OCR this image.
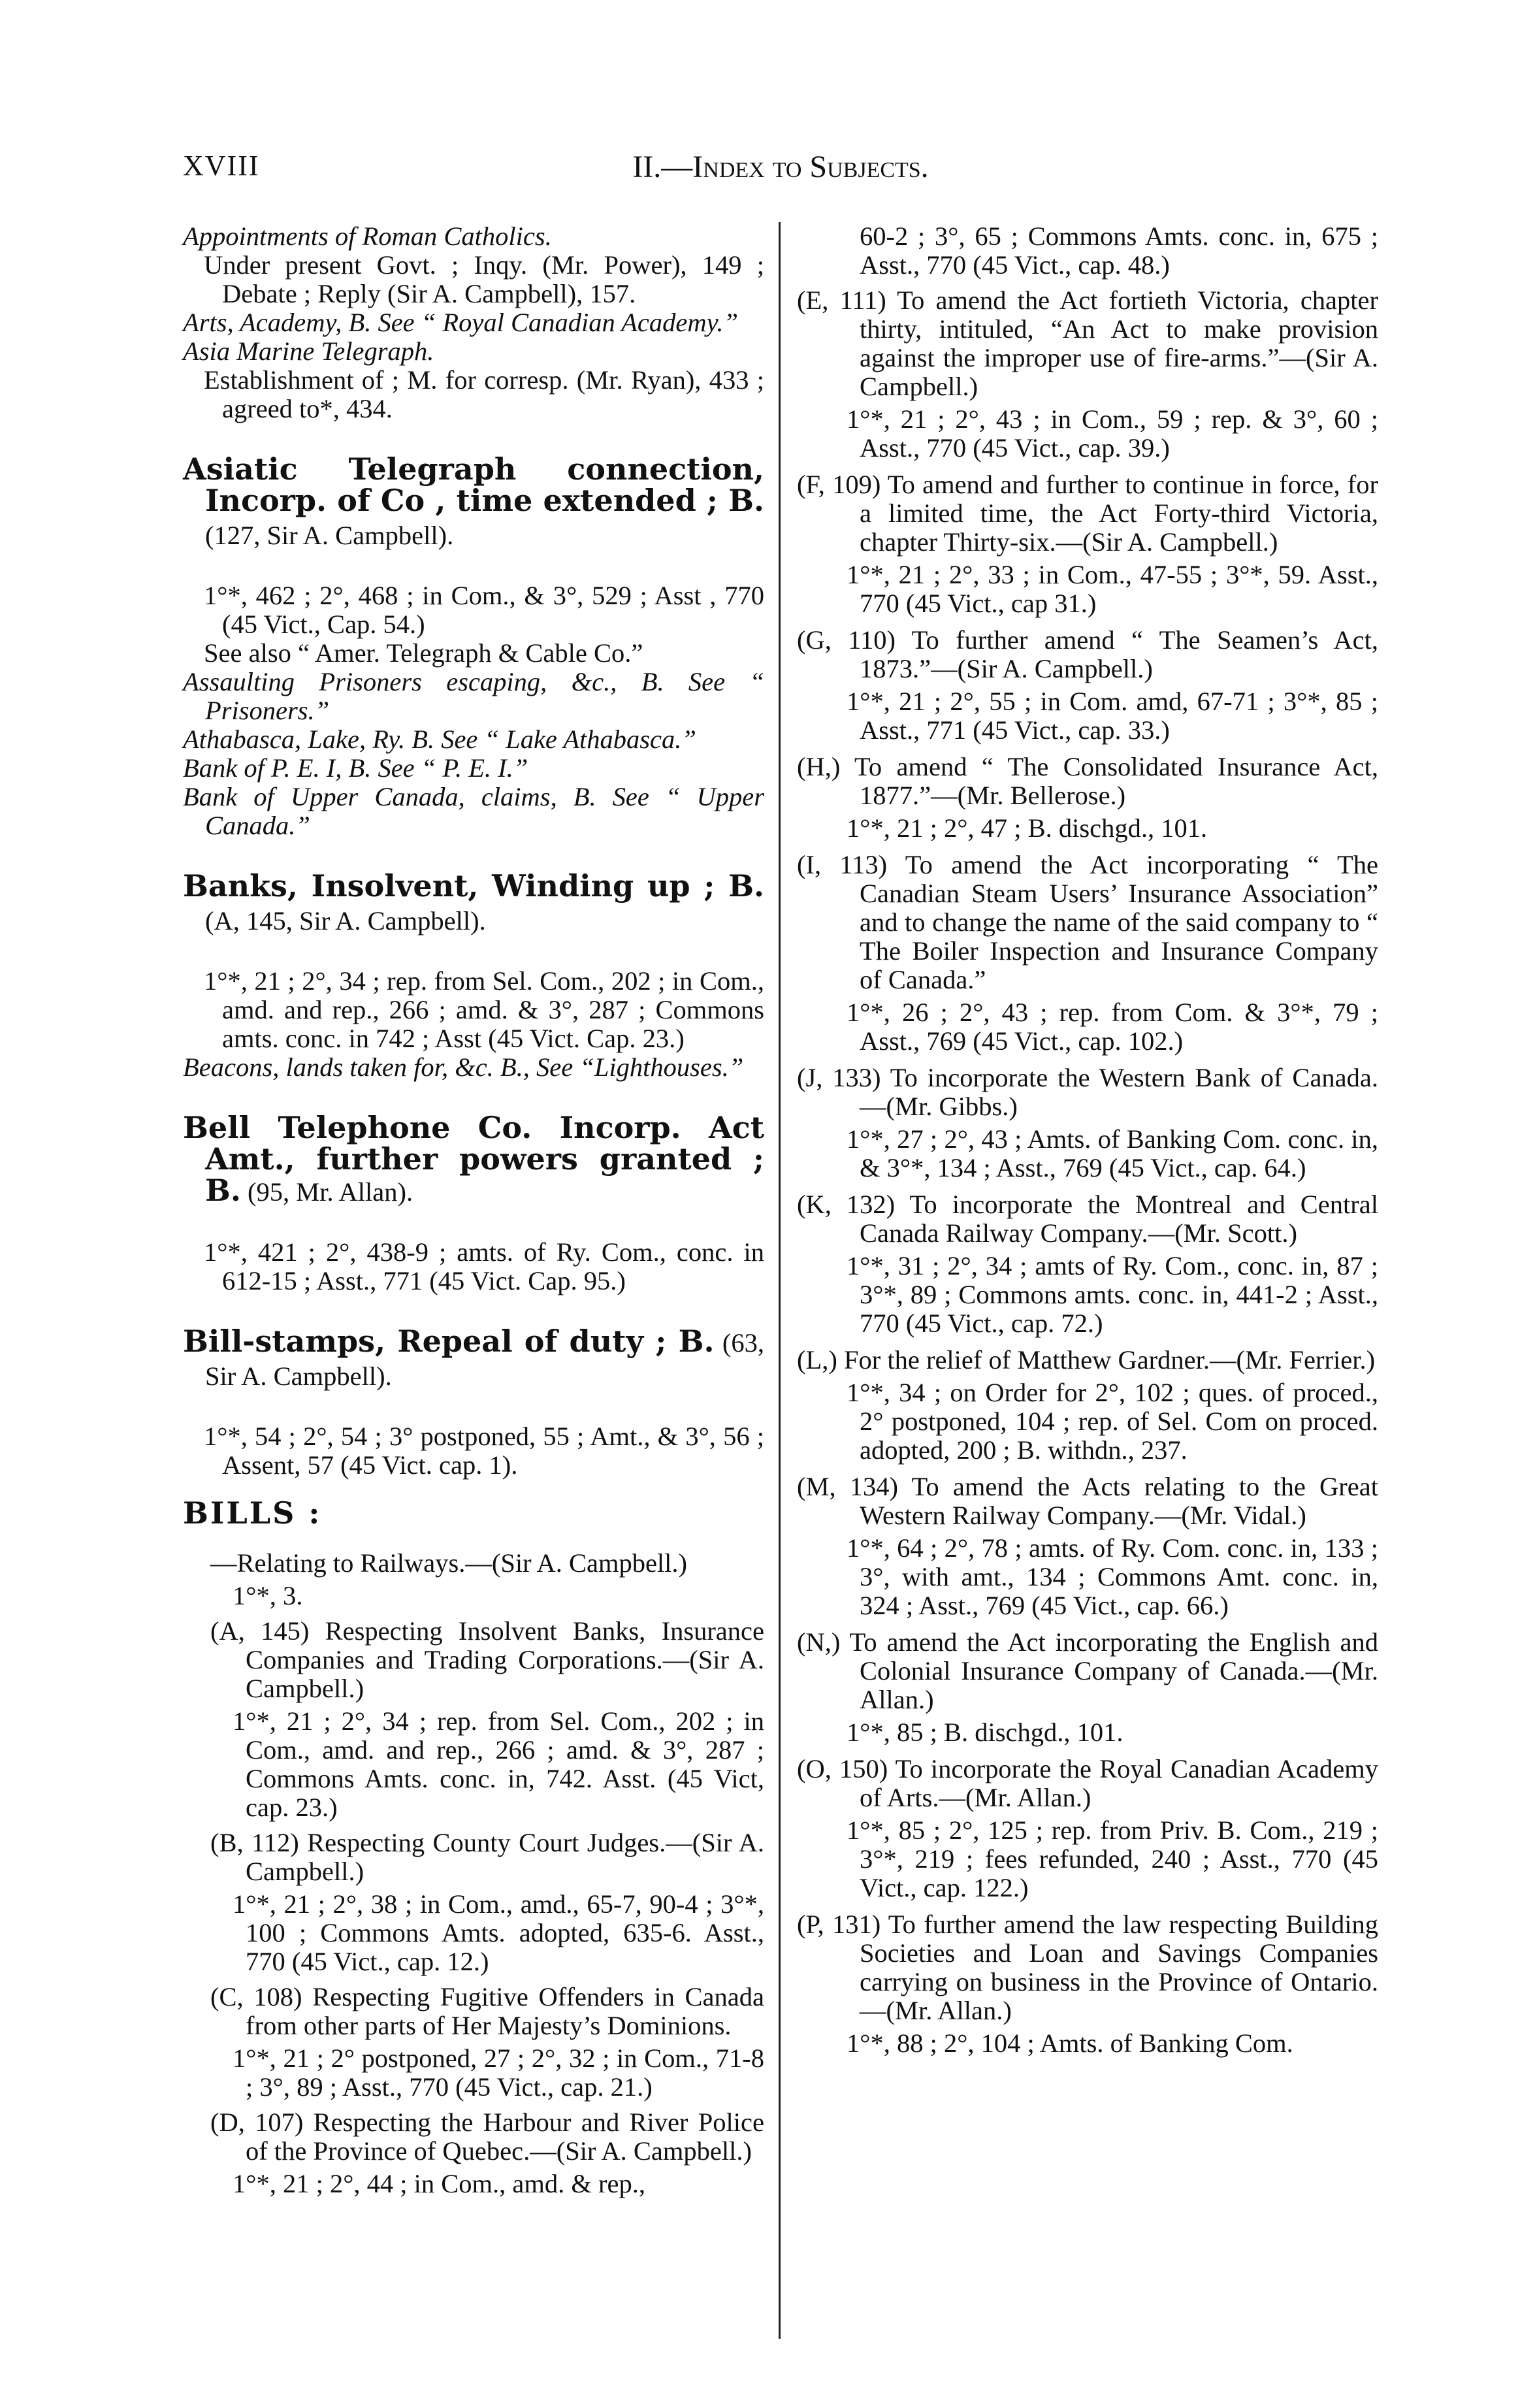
XVIII	II.—Index to Subjects.

Appointments of Roman Catholics.

Under present Govt. ; Inqy. (Mr. Power), 149 ; Debate ; Reply (Sir A. Campbell), 157.

Arts, Academy, B. See “ Royal Canadian Academy.”

Asia Marine Telegraph.

Establishment of ; M. for corresp. (Mr. Ryan), 433 ; agreed to*, 434.

Asiatic Telegraph connection, Incorp. of Co , time extended ; B. (127, Sir A. Campbell).

1°*, 462 ; 2°, 468 ; in Com., & 3°, 529 ; Asst , 770 (45 Vict., Cap. 54.)

See also “ Amer. Telegraph & Cable Co.”

Assaulting Prisoners escaping, &c., B. See “ Prisoners.”

Athabasca, Lake, Ry. B. See “ Lake Athabasca.”

Bank of P. E. I, B. See “ P. E. I.”

Bank of Upper Canada, claims, B. See “ Upper Canada.”

Banks, Insolvent, Winding up ; B. (A, 145, Sir A. Campbell).

1°*, 21 ; 2°, 34 ; rep. from Sel. Com., 202 ; in Com., amd. and rep., 266 ; amd. & 3°, 287 ; Commons amts. conc. in 742 ; Asst (45 Vict. Cap. 23.)

Beacons, lands taken for, &c. B., See “Lighthouses.”

Bell Telephone Co. Incorp. Act Amt., further powers granted ; B. (95, Mr. Allan).

1°*, 421 ; 2°, 438-9 ; amts. of Ry. Com., conc. in 612-15 ; Asst., 771 (45 Vict. Cap. 95.)

Bill-stamps, Repeal of duty ; B. (63, Sir A. Campbell).

1°*, 54 ; 2°, 54 ; 3° postponed, 55 ; Amt., & 3°, 56 ; Assent, 57 (45 Vict. cap. 1).

BILLS :

—Relating to Railways.—(Sir A. Campbell.)

1°*, 3.

(A, 145) Respecting Insolvent Banks, Insurance Companies and Trading Corporations.—(Sir A. Campbell.)

1°*, 21 ; 2°, 34 ; rep. from Sel. Com., 202 ; in Com., amd. and rep., 266 ; amd. & 3°, 287 ; Commons Amts. conc. in, 742. Asst. (45 Vict, cap. 23.)

(B, 112) Respecting County Court Judges.—(Sir A. Campbell.)

1°*, 21 ; 2°, 38 ; in Com., amd., 65-7, 90-4 ; 3°*, 100 ; Commons Amts. adopted, 635-6. Asst., 770 (45 Vict., cap. 12.)

(C, 108) Respecting Fugitive Offenders in Canada from other parts of Her Majesty’s Dominions.

1°*, 21 ; 2° postponed, 27 ; 2°, 32 ; in Com., 71-8 ; 3°, 89 ; Asst., 770 (45 Vict., cap. 21.)

(D, 107) Respecting the Harbour and River Police of the Province of Quebec.—(Sir A. Campbell.)

1°*, 21 ; 2°, 44 ; in Com., amd. & rep.,

60-2 ; 3°, 65 ; Commons Amts. conc. in, 675 ; Asst., 770 (45 Vict., cap. 48.)

(E, 111) To amend the Act fortieth Victoria, chapter thirty, intituled, “An Act to make provision against the improper use of fire-arms.”—(Sir A. Campbell.)

1°*, 21 ; 2°, 43 ; in Com., 59 ; rep. & 3°, 60 ; Asst., 770 (45 Vict., cap. 39.)

(F, 109) To amend and further to continue in force, for a limited time, the Act Forty-third Victoria, chapter Thirty-six.—(Sir A. Campbell.)

1°*, 21 ; 2°, 33 ; in Com., 47-55 ; 3°*, 59. Asst., 770 (45 Vict., cap 31.)

(G, 110) To further amend “ The Seamen’s Act, 1873.”—(Sir A. Campbell.)

1°*, 21 ; 2°, 55 ; in Com. amd, 67-71 ; 3°*, 85 ; Asst., 771 (45 Vict., cap. 33.)

(H,) To amend “ The Consolidated Insurance Act, 1877.”—(Mr. Bellerose.)

1°*, 21 ; 2°, 47 ; B. dischgd., 101.

(I, 113) To amend the Act incorporating “ The Canadian Steam Users’ Insurance Association” and to change the name of the said company to “ The Boiler Inspection and Insurance Company of Canada.”

1°*, 26 ; 2°, 43 ; rep. from Com. & 3°*, 79 ; Asst., 769 (45 Vict., cap. 102.)

(J, 133) To incorporate the Western Bank of Canada.—(Mr. Gibbs.)

1°*, 27 ; 2°, 43 ; Amts. of Banking Com. conc. in, & 3°*, 134 ; Asst., 769 (45 Vict., cap. 64.)

(K, 132) To incorporate the Montreal and Central Canada Railway Company.—(Mr. Scott.)

1°*, 31 ; 2°, 34 ; amts of Ry. Com., conc. in, 87 ; 3°*, 89 ; Commons amts. conc. in, 441-2 ; Asst., 770 (45 Vict., cap. 72.)

(L,) For the relief of Matthew Gardner.—(Mr. Ferrier.)

1°*, 34 ; on Order for 2°, 102 ; ques. of proced., 2° postponed, 104 ; rep. of Sel. Com on proced. adopted, 200 ; B. withdn., 237.

(M, 134) To amend the Acts relating to the Great Western Railway Company.—(Mr. Vidal.)

1°*, 64 ; 2°, 78 ; amts. of Ry. Com. conc. in, 133 ; 3°, with amt., 134 ; Commons Amt. conc. in, 324 ; Asst., 769 (45 Vict., cap. 66.)

(N,) To amend the Act incorporating the English and Colonial Insurance Company of Canada.—(Mr. Allan.)

1°*, 85 ; B. dischgd., 101.

(O, 150) To incorporate the Royal Canadian Academy of Arts.—(Mr. Allan.)

1°*, 85 ; 2°, 125 ; rep. from Priv. B. Com., 219 ; 3°*, 219 ; fees refunded, 240 ; Asst., 770 (45 Vict., cap. 122.)

(P, 131) To further amend the law respecting Building Societies and Loan and Savings Companies carrying on business in the Province of Ontario.—(Mr. Allan.)

1°*, 88 ; 2°, 104 ; Amts. of Banking Com.
